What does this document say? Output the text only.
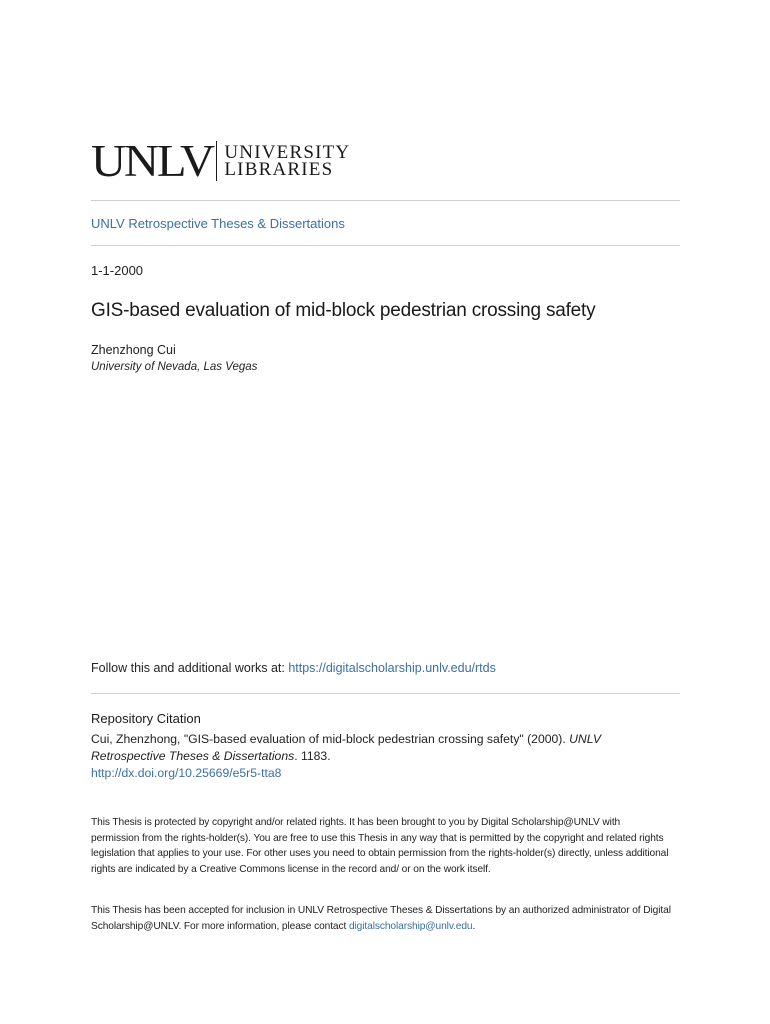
UNLV UNIVERSITY
LIBRARIES
UNLV Retrospective Theses & Dissertations
1-1-2000
GIS-based evaluation of mid-block pedestrian crossing safety
Zhenzhong Cui
University of Nevada, Las Vegas
Follow this and additional works at: https://digitalscholarship.unlv.edu/rtds
Repository Citation
Cui, Zhenzhong, "GIS-based evaluation of mid-block pedestrian crossing safety" (2000). UNLV Retrospective Theses & Dissertations. 1183.
http://dx.doi.org/10.25669/e5r5-tta8
This Thesis is protected by copyright and/or related rights. It has been brought to you by Digital Scholarship@UNLV with permission from the rights-holder(s). You are free to use this Thesis in any way that is permitted by the copyright and related rights legislation that applies to your use. For other uses you need to obtain permission from the rights-holder(s) directly, unless additional rights are indicated by a Creative Commons license in the record and/ or on the work itself.
This Thesis has been accepted for inclusion in UNLV Retrospective Theses & Dissertations by an authorized administrator of Digital Scholarship@UNLV. For more information, please contact digitalscholarship@unlv.edu.
